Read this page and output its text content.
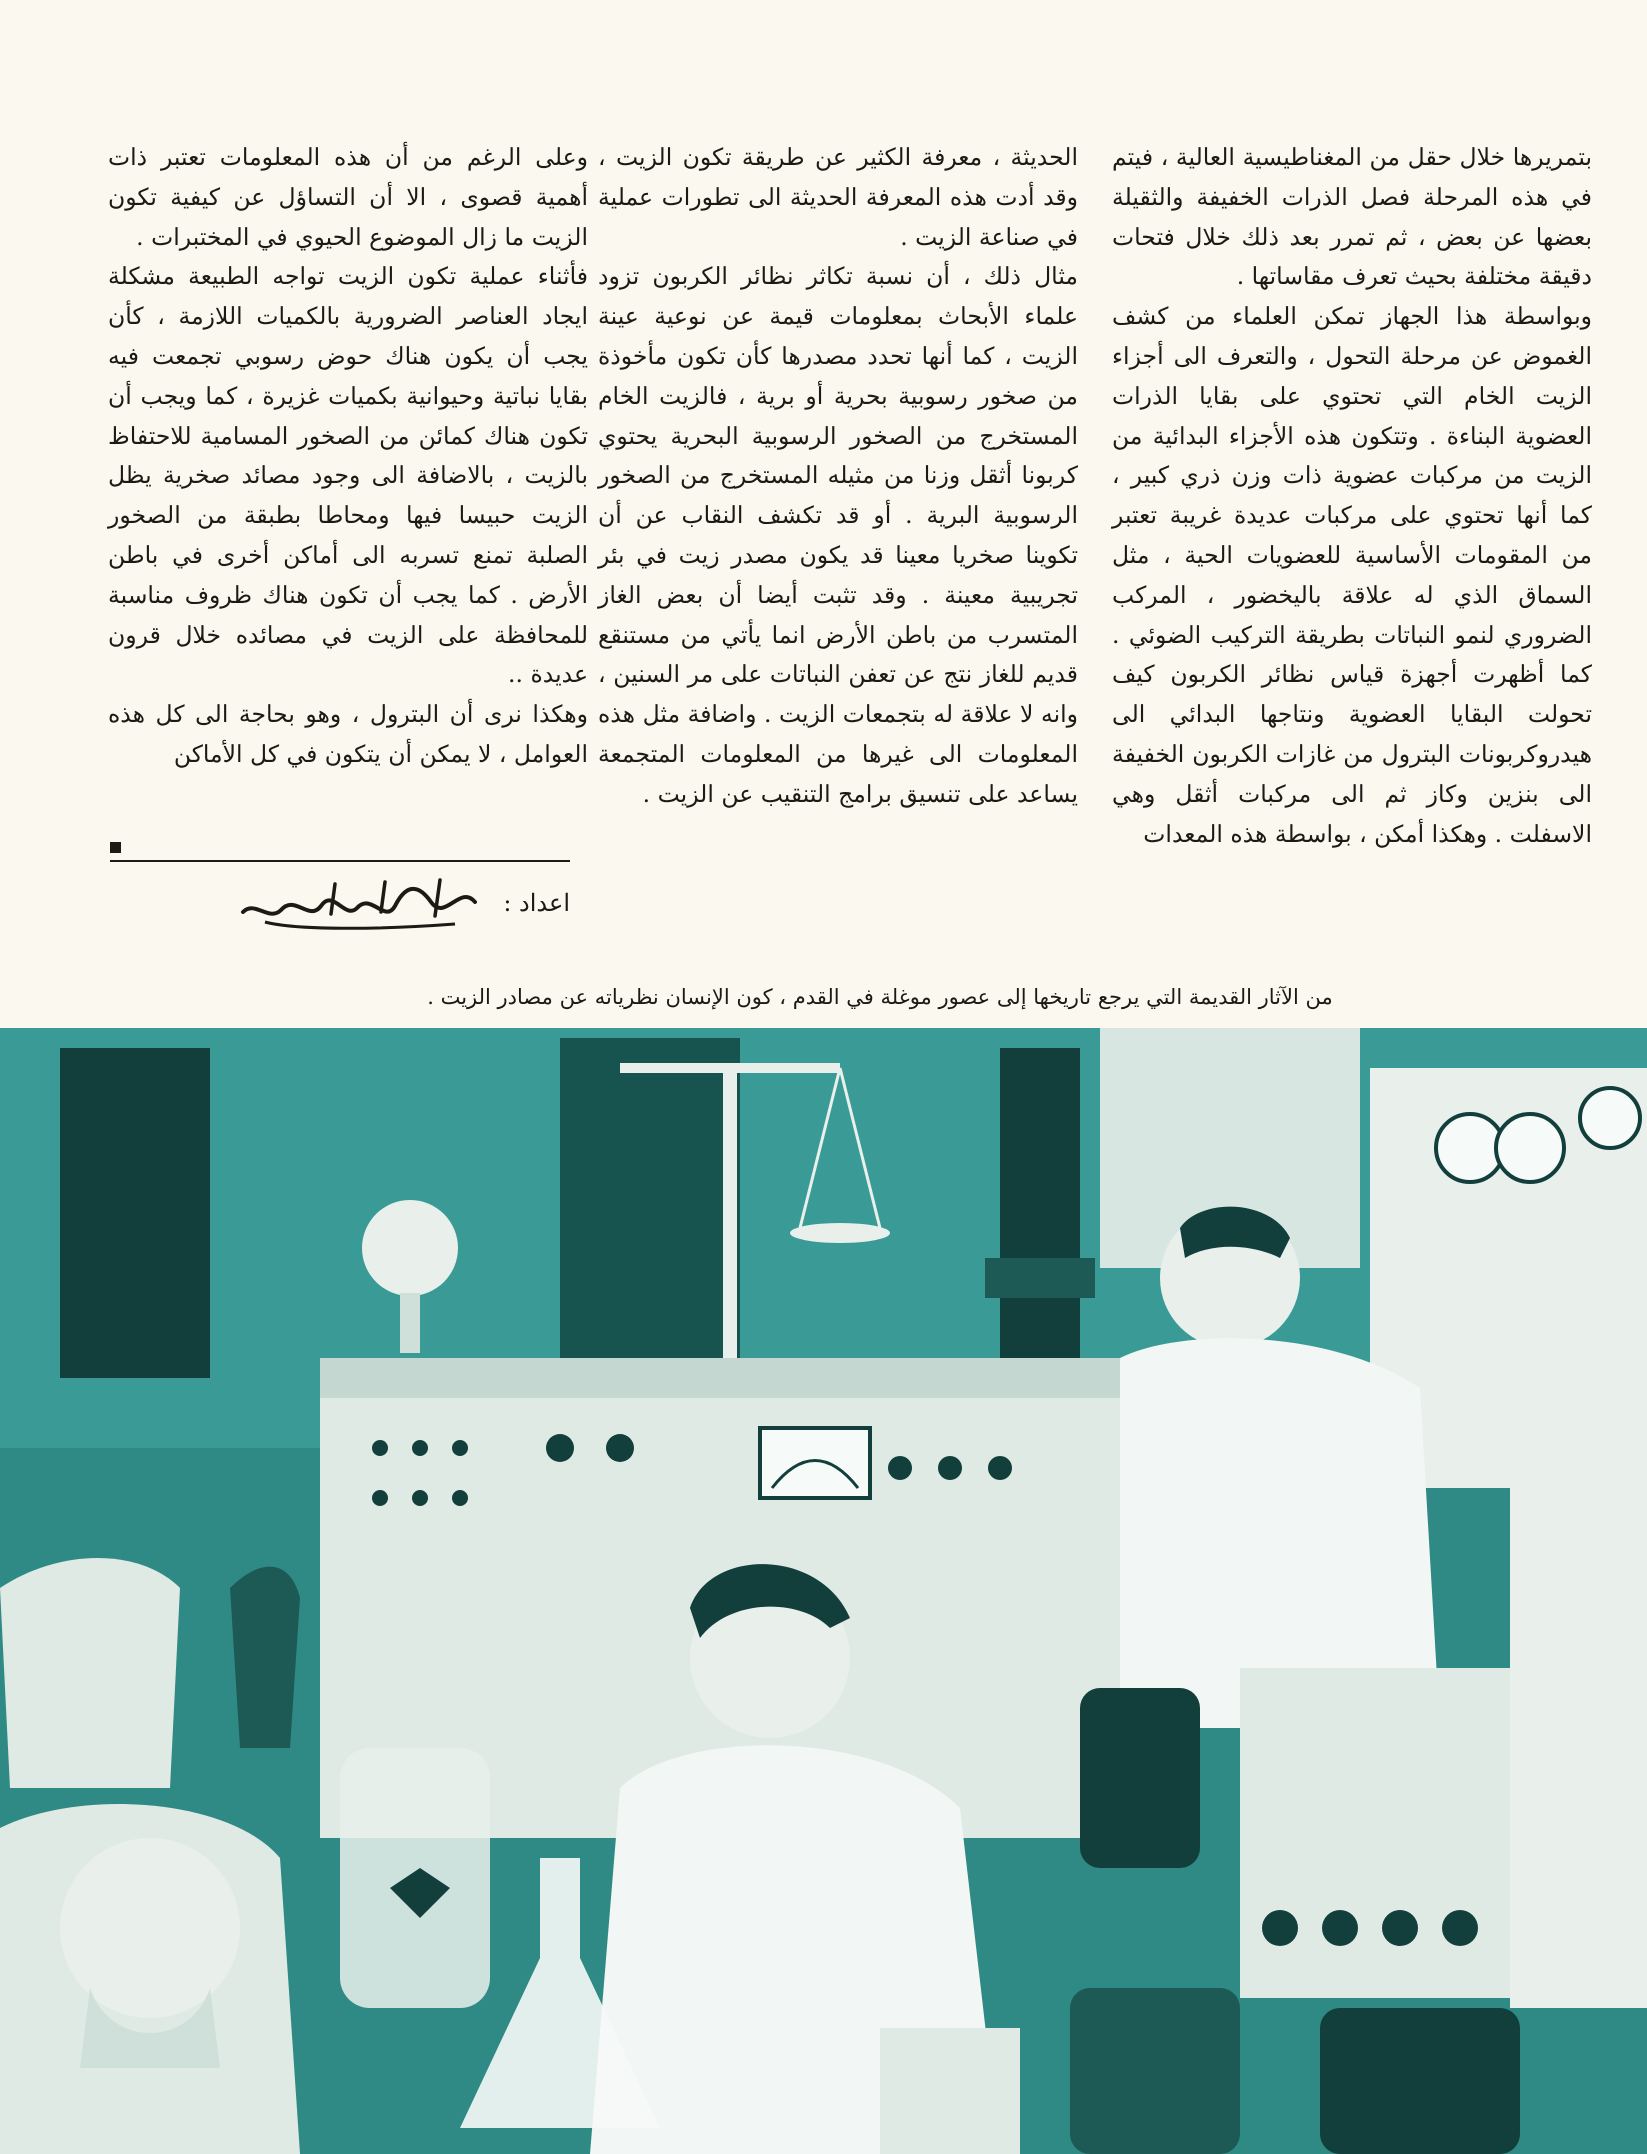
بتمريرها خلال حقل من المغناطيسية العالية ، فيتم في هذه المرحلة فصل الذرات الخفيفة والثقيلة بعضها عن بعض ، ثم تمرر بعد ذلك خلال فتحات دقيقة مختلفة بحيث تعرف مقاساتها .

وبواسطة هذا الجهاز تمكن العلماء من كشف الغموض عن مرحلة التحول ، والتعرف الى أجزاء الزيت الخام التي تحتوي على بقايا الذرات العضوية البناءة . وتتكون هذه الأجزاء البدائية من الزيت من مركبات عضوية ذات وزن ذري كبير ، كما أنها تحتوي على مركبات عديدة غريبة تعتبر من المقومات الأساسية للعضويات الحية ، مثل السماق الذي له علاقة باليخضور ، المركب الضروري لنمو النباتات بطريقة التركيب الضوئي . كما أظهرت أجهزة قياس نظائر الكربون كيف تحولت البقايا العضوية ونتاجها البدائي الى هيدروكربونات البترول من غازات الكربون الخفيفة الى بنزين وكاز ثم الى مركبات أثقل وهي الاسفلت . وهكذا أمكن ، بواسطة هذه المعدات

الحديثة ، معرفة الكثير عن طريقة تكون الزيت ، وقد أدت هذه المعرفة الحديثة الى تطورات عملية في صناعة الزيت .

مثال ذلك ، أن نسبة تكاثر نظائر الكربون تزود علماء الأبحاث بمعلومات قيمة عن نوعية عينة الزيت ، كما أنها تحدد مصدرها كأن تكون مأخوذة من صخور رسوبية بحرية أو برية ، فالزيت الخام المستخرج من الصخور الرسوبية البحرية يحتوي كربونا أثقل وزنا من مثيله المستخرج من الصخور الرسوبية البرية . أو قد تكشف النقاب عن أن تكوينا صخريا معينا قد يكون مصدر زيت في بئر تجريبية معينة . وقد تثبت أيضا أن بعض الغاز المتسرب من باطن الأرض انما يأتي من مستنقع قديم للغاز نتج عن تعفن النباتات على مر السنين ، وانه لا علاقة له بتجمعات الزيت . واضافة مثل هذه المعلومات الى غيرها من المعلومات المتجمعة يساعد على تنسيق برامج التنقيب عن الزيت .

وعلى الرغم من أن هذه المعلومات تعتبر ذات أهمية قصوى ، الا أن التساؤل عن كيفية تكون الزيت ما زال الموضوع الحيوي في المختبرات .

فأثناء عملية تكون الزيت تواجه الطبيعة مشكلة ايجاد العناصر الضرورية بالكميات اللازمة ، كأن يجب أن يكون هناك حوض رسوبي تجمعت فيه بقايا نباتية وحيوانية بكميات غزيرة ، كما ويجب أن تكون هناك كمائن من الصخور المسامية للاحتفاظ بالزيت ، بالاضافة الى وجود مصائد صخرية يظل الزيت حبيسا فيها ومحاطا بطبقة من الصخور الصلبة تمنع تسربه الى أماكن أخرى في باطن الأرض . كما يجب أن تكون هناك ظروف مناسبة للمحافظة على الزيت في مصائده خلال قرون عديدة ..

وهكذا نرى أن البترول ، وهو بحاجة الى كل هذه العوامل ، لا يمكن أن يتكون في كل الأماكن

اعداد :
من الآثار القديمة التي يرجع تاريخها إلى عصور موغلة في القدم ، كون الإنسان نظرياته عن مصادر الزيت .
